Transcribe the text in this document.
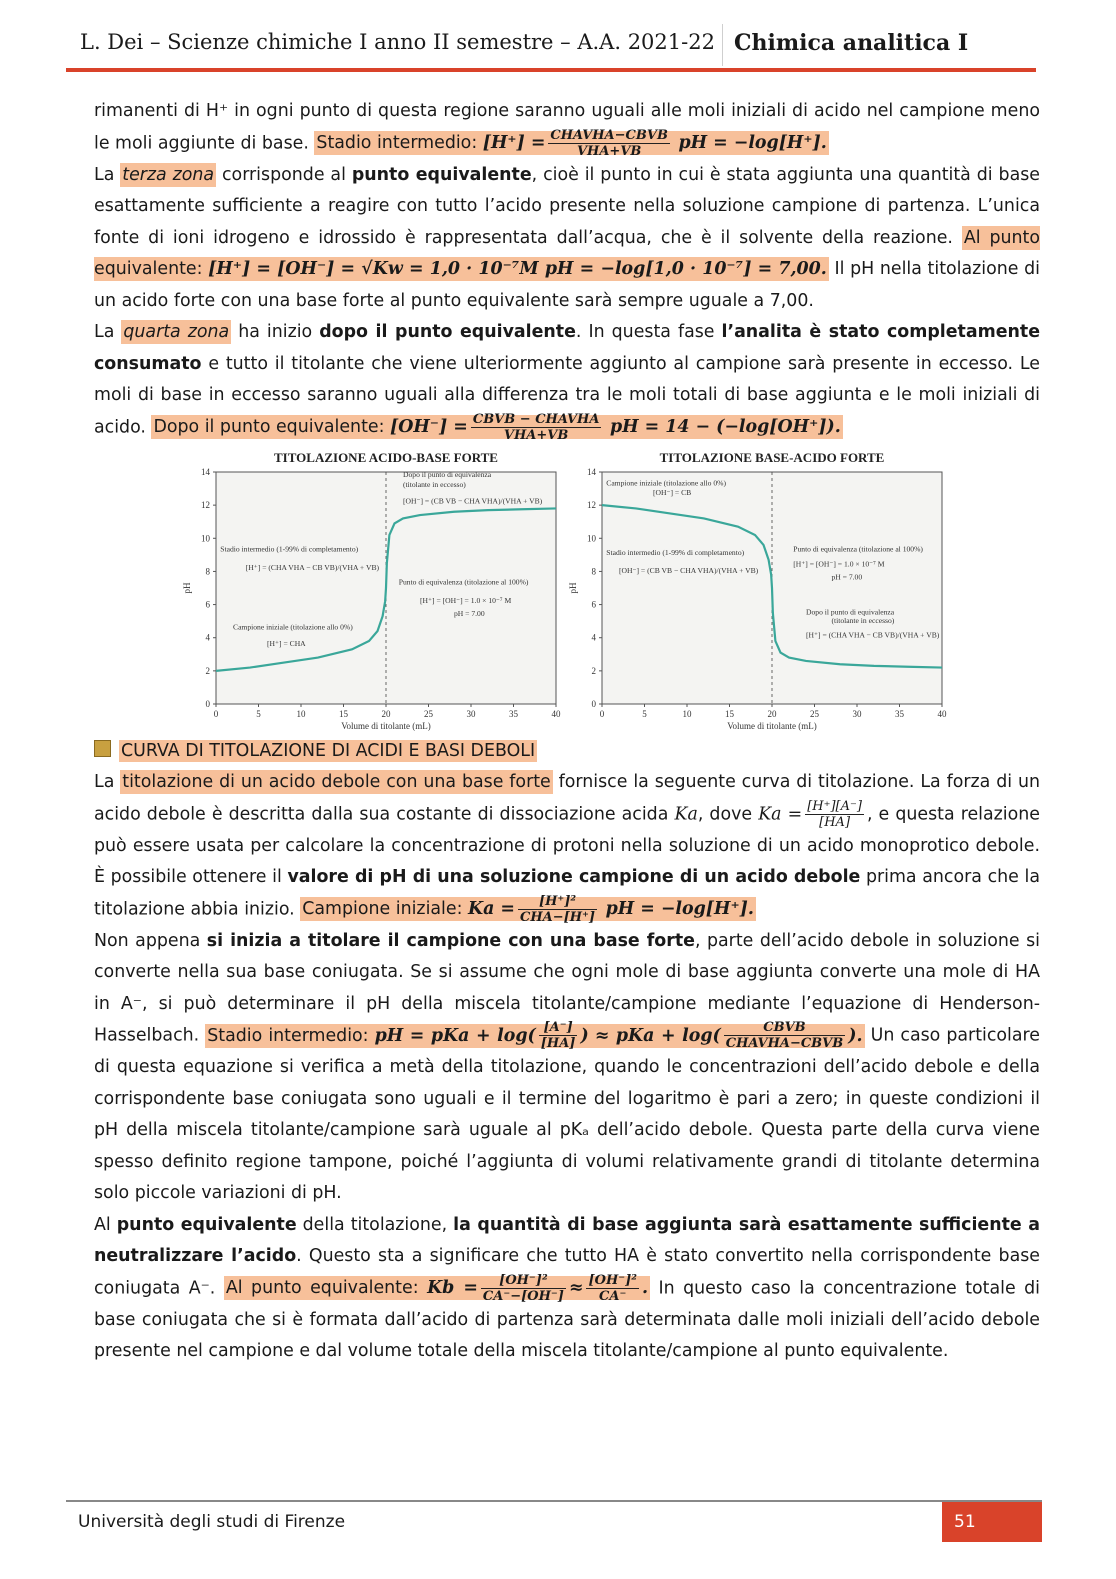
L. Dei – Scienze chimiche I anno II semestre – A.A. 2021-22 Chimica analitica I

rimanenti di H⁺ in ogni punto di questa regione saranno uguali alle moli iniziali di acido nel campione meno le moli aggiunte di base. Stadio intermedio: $[H^+] = \frac{\text{CHAVHA−CBVB}}{\text{VHA+VB}}$ pH = −log[H⁺].

La terza zona corrisponde al punto equivalente, cioè il punto in cui è stata aggiunta una quantità di base esattamente sufficiente a reagire con tutto l’acido presente nella soluzione campione di partenza. L’unica fonte di ioni idrogeno e idrossido è rappresentata dall’acqua, che è il solvente della reazione. Al punto equivalente: [H⁺] = [OH⁻] = √Kw = 1,0 · 10⁻⁷M pH = −log[1,0 · 10⁻⁷] = 7,00. Il pH nella titolazione di un acido forte con una base forte al punto equivalente sarà sempre uguale a 7,00.

La quarta zona ha inizio dopo il punto equivalente. In questa fase l’analita è stato completamente consumato e tutto il titolante che viene ulteriormente aggiunto al campione sarà presente in eccesso. Le moli di base in eccesso saranno uguali alla differenza tra le moli totali di base aggiunta e le moli iniziali di acido. Dopo il punto equivalente: $[OH^-] = \frac{\text{CBVB − CHAVHA}}{\text{VHA+VB}}$ pH = 14 − (−log[OH⁺]).

TITOLAZIONE ACIDO-BASE FORTE
0
2
4
6
8
10
12
14
0	5	10	15	20	25	30	35	40
Volume di titolante (mL)
pH
Dopo il punto di equivalenza
(titolante in eccesso)
[OH⁻] = (CB VB − CHA VHA)/(VHA + VB)
Stadio intermedio (1-99% di completamento)
[H⁺] = (CHA VHA − CB VB)/(VHA + VB)
Punto di equivalenza (titolazione al 100%)
[H⁺] = [OH⁻] = 1.0 × 10⁻⁷ M
pH = 7.00
Campione iniziale (titolazione allo 0%)
[H⁺] = CHA
TITOLAZIONE BASE-ACIDO FORTE
0
2
4
6
8
10
12
14
0	5	10	15	20	25	30	35	40
Volume di titolante (mL)
pH
Campione iniziale (titolazione allo 0%)
[OH⁻] = CB
Stadio intermedio (1-99% di completamento)
[OH⁻] = (CB VB − CHA VHA)/(VHA + VB)
Punto di equivalenza (titolazione al 100%)
[H⁺] = [OH⁻] = 1.0 × 10⁻⁷ M
pH = 7.00
Dopo il punto di equivalenza
(titolante in eccesso)
[H⁺] = (CHA VHA − CB VB)/(VHA + VB)

CURVA DI TITOLAZIONE DI ACIDI E BASI DEBOLI

La titolazione di un acido debole con una base forte fornisce la seguente curva di titolazione. La forza di un acido debole è descritta dalla sua costante di dissociazione acida Ka, dove $Ka = \frac{[H^+][A^-]}{[HA]}$ , e questa relazione può essere usata per calcolare la concentrazione di protoni nella soluzione di un acido monoprotico debole. È possibile ottenere il valore di pH di una soluzione campione di un acido debole prima ancora che la titolazione abbia inizio. Campione iniziale: $Ka = \frac{\text{[H⁺]²}}{\text{CHA−[H⁺]}}$ pH = −log[H⁺].

Non appena si inizia a titolare il campione con una base forte, parte dell’acido debole in soluzione si converte nella sua base coniugata. Se si assume che ogni mole di base aggiunta converte una mole di HA in A⁻, si può determinare il pH della miscela titolante/campione mediante l’equazione di Henderson-Hasselbach. Stadio intermedio: pH = pKa + $\log( \frac{[A^-]}{[HA]}$ ) ≈ pKa + $\log( \frac{\text{CBVB}}{\text{CHAVHA−CBVB}}$ ). Un caso particolare di questa equazione si verifica a metà della titolazione, quando le concentrazioni dell’acido debole e della corrispondente base coniugata sono uguali e il termine del logaritmo è pari a zero; in queste condizioni il pH della miscela titolante/campione sarà uguale al pKₐ dell’acido debole. Questa parte della curva viene spesso definito regione tampone, poiché l’aggiunta di volumi relativamente grandi di titolante determina solo piccole variazioni di pH.

Al punto equivalente della titolazione, la quantità di base aggiunta sarà esattamente sufficiente a neutralizzare l’acido. Questo sta a significare che tutto HA è stato convertito nella corrispondente base coniugata A⁻. Al punto equivalente: $Kb = \frac{\text{[OH⁻]²}}{CA^--[OH^-]} \approx \frac{\text{[OH⁻]²}}{CA^-}$ . In questo caso la concentrazione totale di base coniugata che si è formata dall’acido di partenza sarà determinata dalle moli iniziali dell’acido debole presente nel campione e dal volume totale della miscela titolante/campione al punto equivalente.

Università degli studi di Firenze	51
